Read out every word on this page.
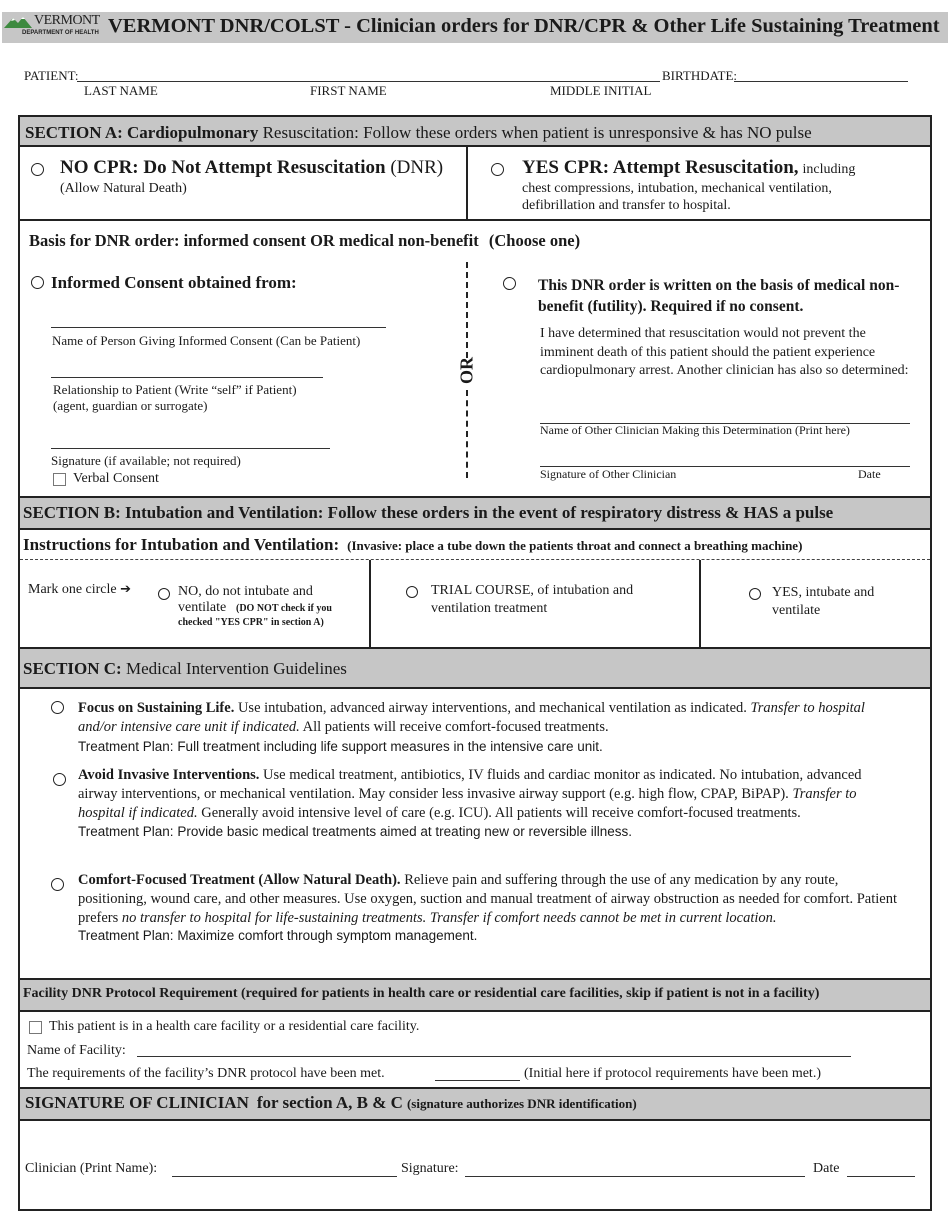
VERMONT
DEPARTMENT OF HEALTH VERMONT DNR/COLST - Clinician orders for DNR/CPR & Other Life Sustaining Treatment
PATIENT:	BIRTHDATE:
LAST NAME	FIRST NAME	MIDDLE INITIAL
SECTION A: Cardiopulmonary Resuscitation: Follow these orders when patient is unresponsive & has NO pulse
NO CPR: Do Not Attempt Resuscitation (DNR)
(Allow Natural Death)
YES CPR: Attempt Resuscitation, including
chest compressions, intubation, mechanical ventilation, defibrillation and transfer to hospital.
Basis for DNR order: informed consent OR medical non-benefit (Choose one)
Informed Consent obtained from:
Name of Person Giving Informed Consent (Can be Patient)
Relationship to Patient (Write “self” if Patient)
(agent, guardian or surrogate)
Signature (if available; not required)
Verbal Consent
OR
This DNR order is written on the basis of medical non-benefit (futility). Required if no consent.
I have determined that resuscitation would not prevent the imminent death of this patient should the patient experience cardiopulmonary arrest. Another clinician has also so determined:
Name of Other Clinician Making this Determination (Print here)
Signature of Other Clinician	Date
SECTION B: Intubation and Ventilation: Follow these orders in the event of respiratory distress & HAS a pulse
Instructions for Intubation and Ventilation: (Invasive: place a tube down the patients throat and connect a breathing machine)
Mark one circle ➔	NO, do not intubate and ventilate (DO NOT check if you checked "YES CPR" in section A)
TRIAL COURSE, of intubation and ventilation treatment
YES, intubate and ventilate
SECTION C: Medical Intervention Guidelines

Focus on Sustaining Life. Use intubation, advanced airway interventions, and mechanical ventilation as indicated. Transfer to hospital and/or intensive care unit if indicated. All patients will receive comfort-focused treatments.

Treatment Plan: Full treatment including life support measures in the intensive care unit.

Avoid Invasive Interventions. Use medical treatment, antibiotics, IV fluids and cardiac monitor as indicated. No intubation, advanced airway interventions, or mechanical ventilation. May consider less invasive airway support (e.g. high flow, CPAP, BiPAP). Transfer to hospital if indicated. Generally avoid intensive level of care (e.g. ICU). All patients will receive comfort-focused treatments.

Treatment Plan: Provide basic medical treatments aimed at treating new or reversible illness.

Comfort-Focused Treatment (Allow Natural Death). Relieve pain and suffering through the use of any medication by any route, positioning, wound care, and other measures. Use oxygen, suction and manual treatment of airway obstruction as needed for comfort. Patient prefers no transfer to hospital for life-sustaining treatments. Transfer if comfort needs cannot be met in current location.

Treatment Plan: Maximize comfort through symptom management.

Facility DNR Protocol Requirement (required for patients in health care or residential care facilities, skip if patient is not in a facility)
This patient is in a health care facility or a residential care facility.
Name of Facility:
The requirements of the facility’s DNR protocol have been met.	(Initial here if protocol requirements have been met.)
SIGNATURE OF CLINICIAN for section A, B & C (signature authorizes DNR identification)
Clinician (Print Name):	Signature:	Date
